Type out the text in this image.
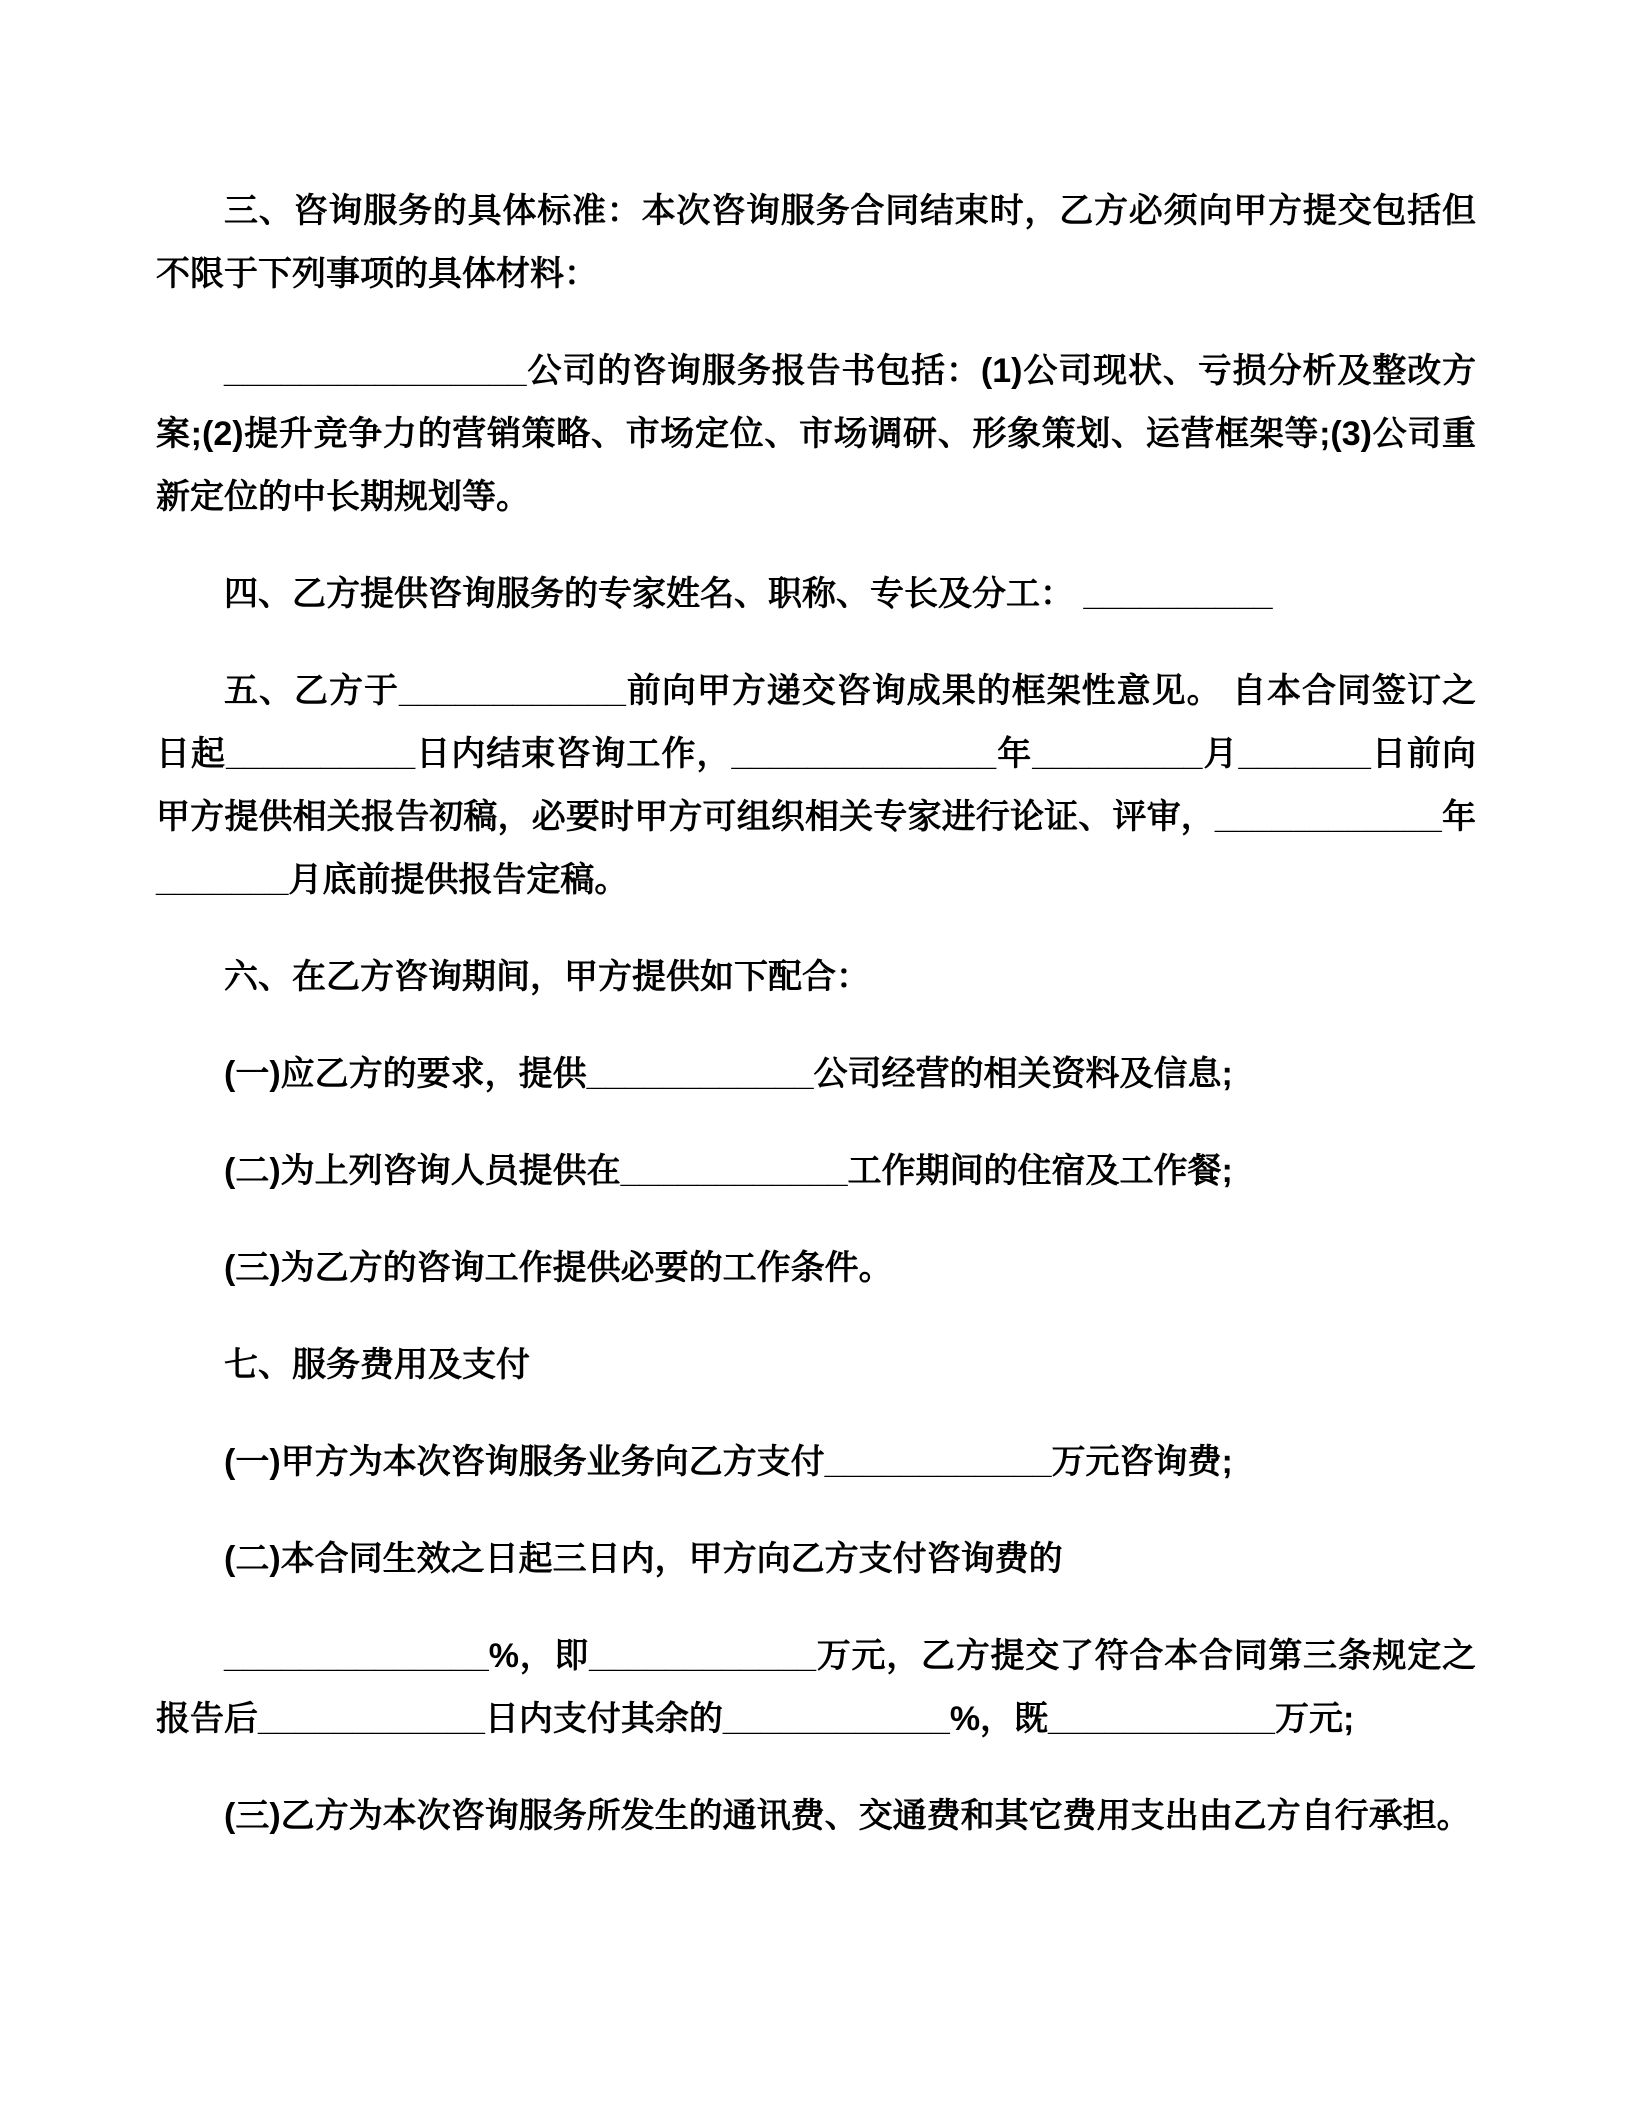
三、咨询服务的具体标准：本次咨询服务合同结束时，乙方必须向甲方提交包括但不限于下列事项的具体材料：

________________公司的咨询服务报告书包括：(1)公司现状、亏损分析及整改方案;(2)提升竞争力的营销策略、市场定位、市场调研、形象策划、运营框架等;(3)公司重新定位的中长期规划等。

四、乙方提供咨询服务的专家姓名、职称、专长及分工： __________

五、乙方于____________前向甲方递交咨询成果的框架性意见。 自本合同签订之日起__________日内结束咨询工作，______________年_________月_______日前向甲方提供相关报告初稿，必要时甲方可组织相关专家进行论证、评审，____________年_______月底前提供报告定稿。

六、在乙方咨询期间，甲方提供如下配合：

(一)应乙方的要求，提供____________公司经营的相关资料及信息;

(二)为上列咨询人员提供在____________工作期间的住宿及工作餐;

(三)为乙方的咨询工作提供必要的工作条件。

七、服务费用及支付

(一)甲方为本次咨询服务业务向乙方支付____________万元咨询费;

(二)本合同生效之日起三日内，甲方向乙方支付咨询费的

______________%，即____________万元，乙方提交了符合本合同第三条规定之报告后____________日内支付其余的____________%，既____________万元;

(三)乙方为本次咨询服务所发生的通讯费、交通费和其它费用支出由乙方自行承担。
